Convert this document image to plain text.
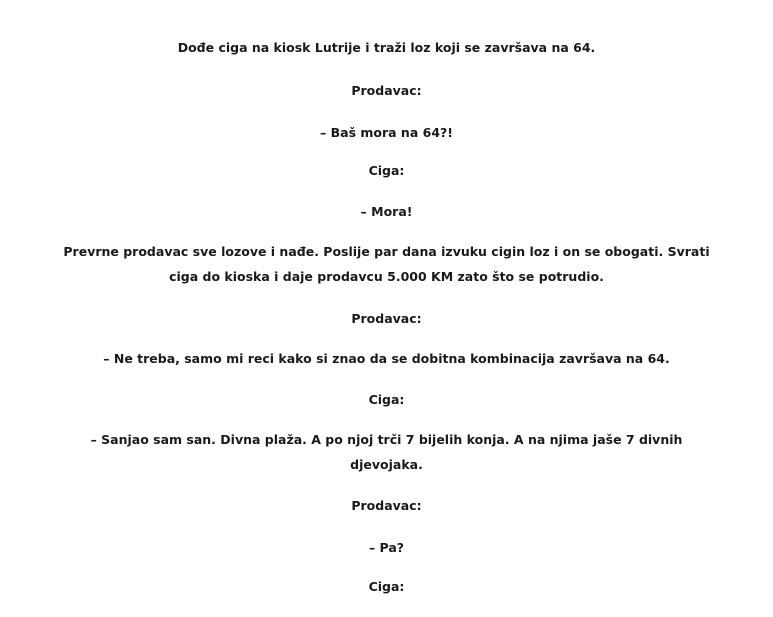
Dođe ciga na kiosk Lutrije i traži loz koji se završava na 64.

Prodavac:

– Baš mora na 64?!

Ciga:

– Mora!

Prevrne prodavac sve lozove i nađe. Poslije par dana izvuku cigin loz i on se obogati. Svrati

ciga do kioska i daje prodavcu 5.000 KM zato što se potrudio.

Prodavac:

– Ne treba, samo mi reci kako si znao da se dobitna kombinacija završava na 64.

Ciga:

– Sanjao sam san. Divna plaža. A po njoj trči 7 bijelih konja. A na njima jaše 7 divnih

djevojaka.

Prodavac:

– Pa?

Ciga:
